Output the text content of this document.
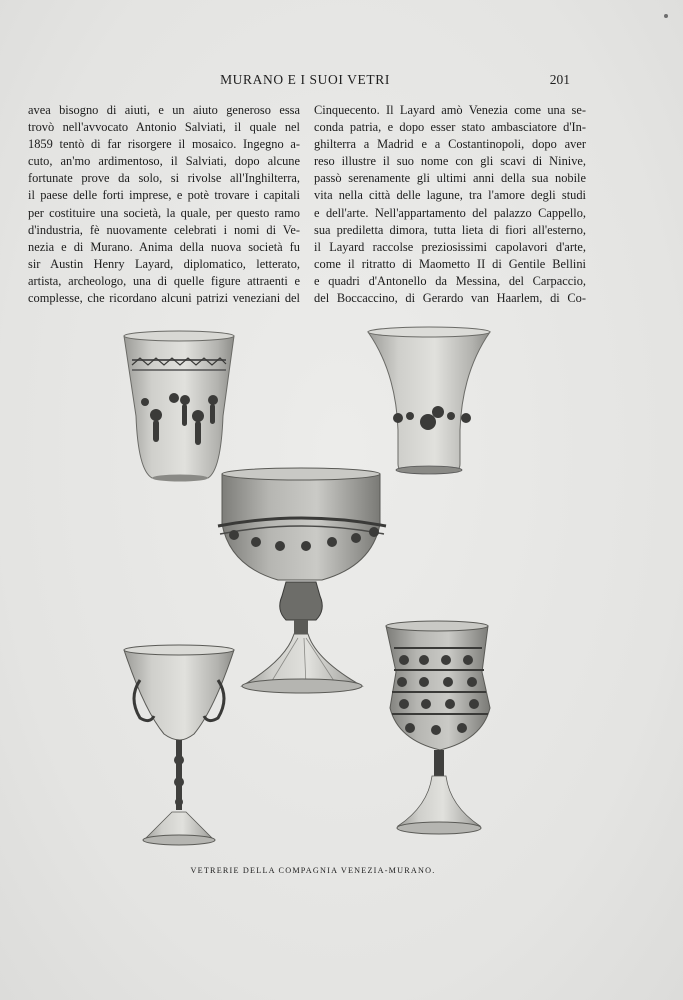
MURANO E I SUOI VETRI	201
avea bisogno di aiuti, e un aiuto generoso essa
trovò nell'avvocato Antonio Salviati, il quale nel
1859 tentò di far risorgere il mosaico. Ingegno a-
cuto, an'mo ardimentoso, il Salviati, dopo alcune
fortunate prove da solo, si rivolse all'Inghilterra,
il paese delle forti imprese, e potè trovare i capitali
per costituire una società, la quale, per questo ramo
d'industria, fè nuovamente celebrati i nomi di Ve-
nezia e di Murano. Anima della nuova società fu
sir Austin Henry Layard, diplomatico, letterato,
artista, archeologo, una di quelle figure attraenti e
complesse, che ricordano alcuni patrizi veneziani del
Cinquecento. Il Layard amò Venezia come una se-
conda patria, e dopo esser stato ambasciatore d'In-
ghilterra a Madrid e a Costantinopoli, dopo aver
reso illustre il suo nome con gli scavi di Ninive,
passò serenamente gli ultimi anni della sua nobile
vita nella città delle lagune, tra l'amore degli studi
e dell'arte. Nell'appartamento del palazzo Cappello,
sua prediletta dimora, tutta lieta di fiori all'esterno,
il Layard raccolse preziosissimi capolavori d'arte,
come il ritratto di Maometto II di Gentile Bellini
e quadri d'Antonello da Messina, del Carpaccio,
del Boccaccino, di Gerardo van Haarlem, di Co-
VETRERIE DELLA COMPAGNIA VENEZIA-MURANO.
